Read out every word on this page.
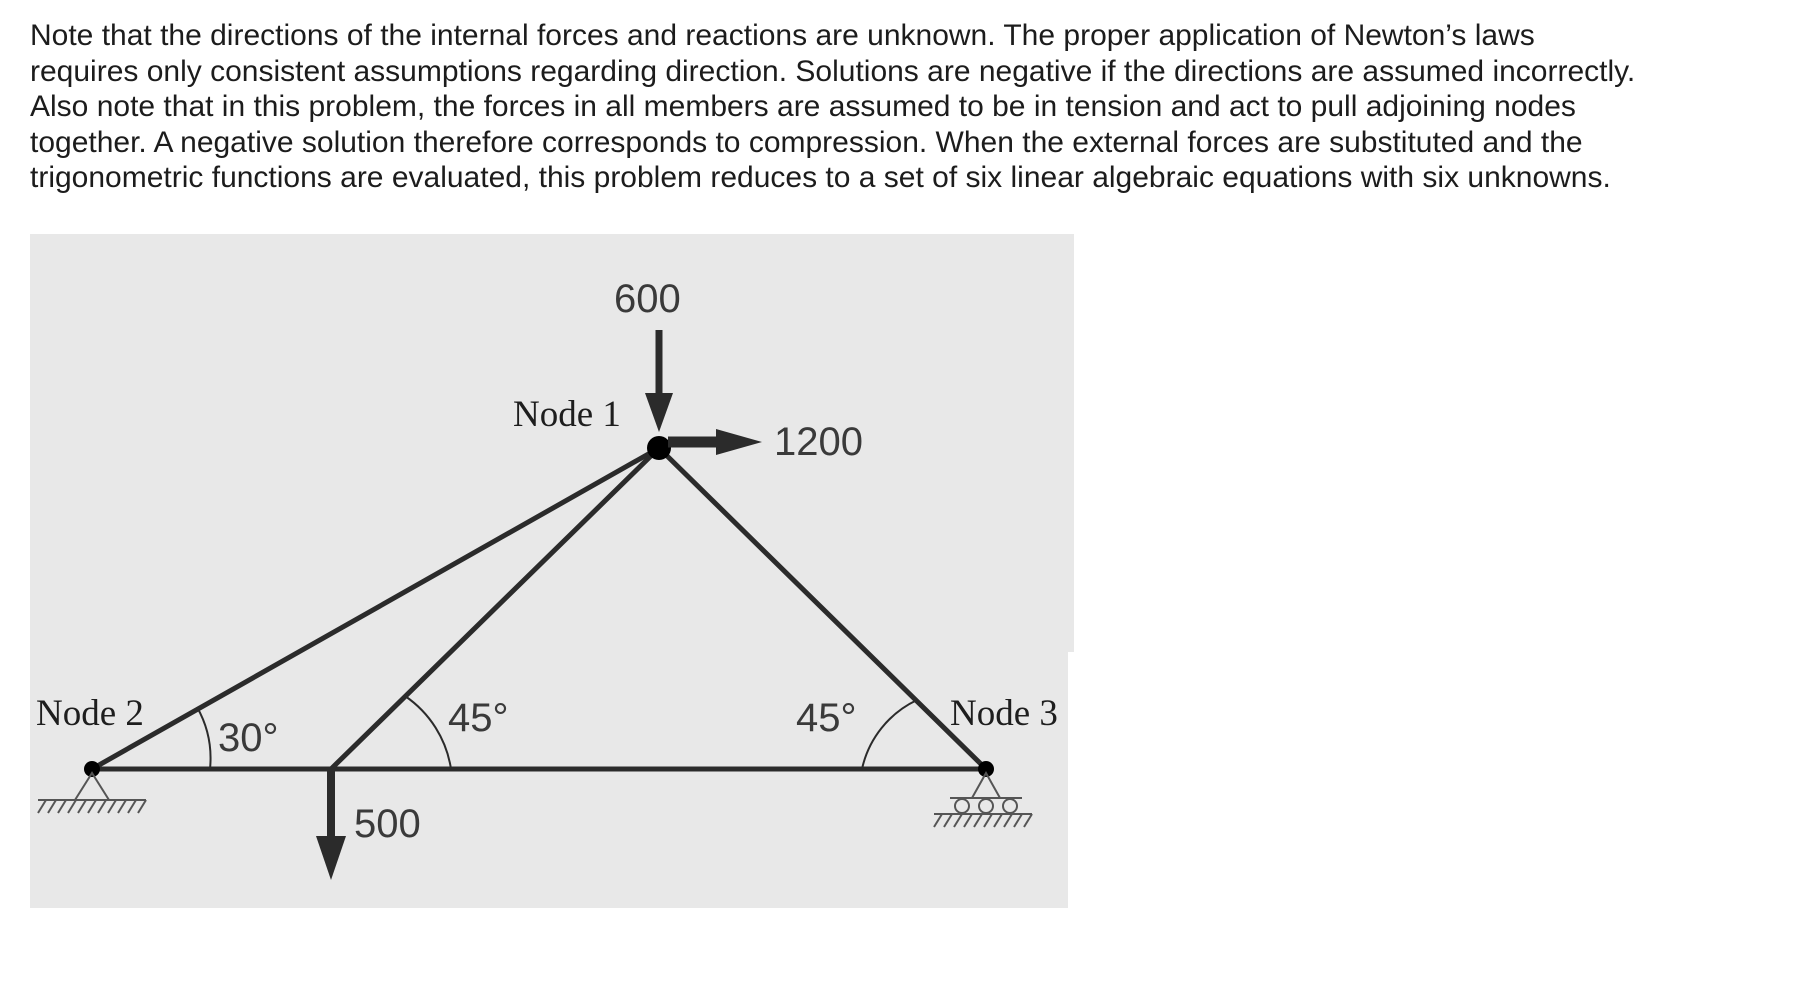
Note that the directions of the internal forces and reactions are unknown. The proper application of Newton’s laws
requires only consistent assumptions regarding direction. Solutions are negative if the directions are assumed incorrectly.
Also note that in this problem, the forces in all members are assumed to be in tension and act to pull adjoining nodes
together. A negative solution therefore corresponds to compression. When the external forces are substituted and the
trigonometric functions are evaluated, this problem reduces to a set of six linear algebraic equations with six unknowns.
Node 1
Node 2	Node 3
600
1200
500
30°	45°	45°
